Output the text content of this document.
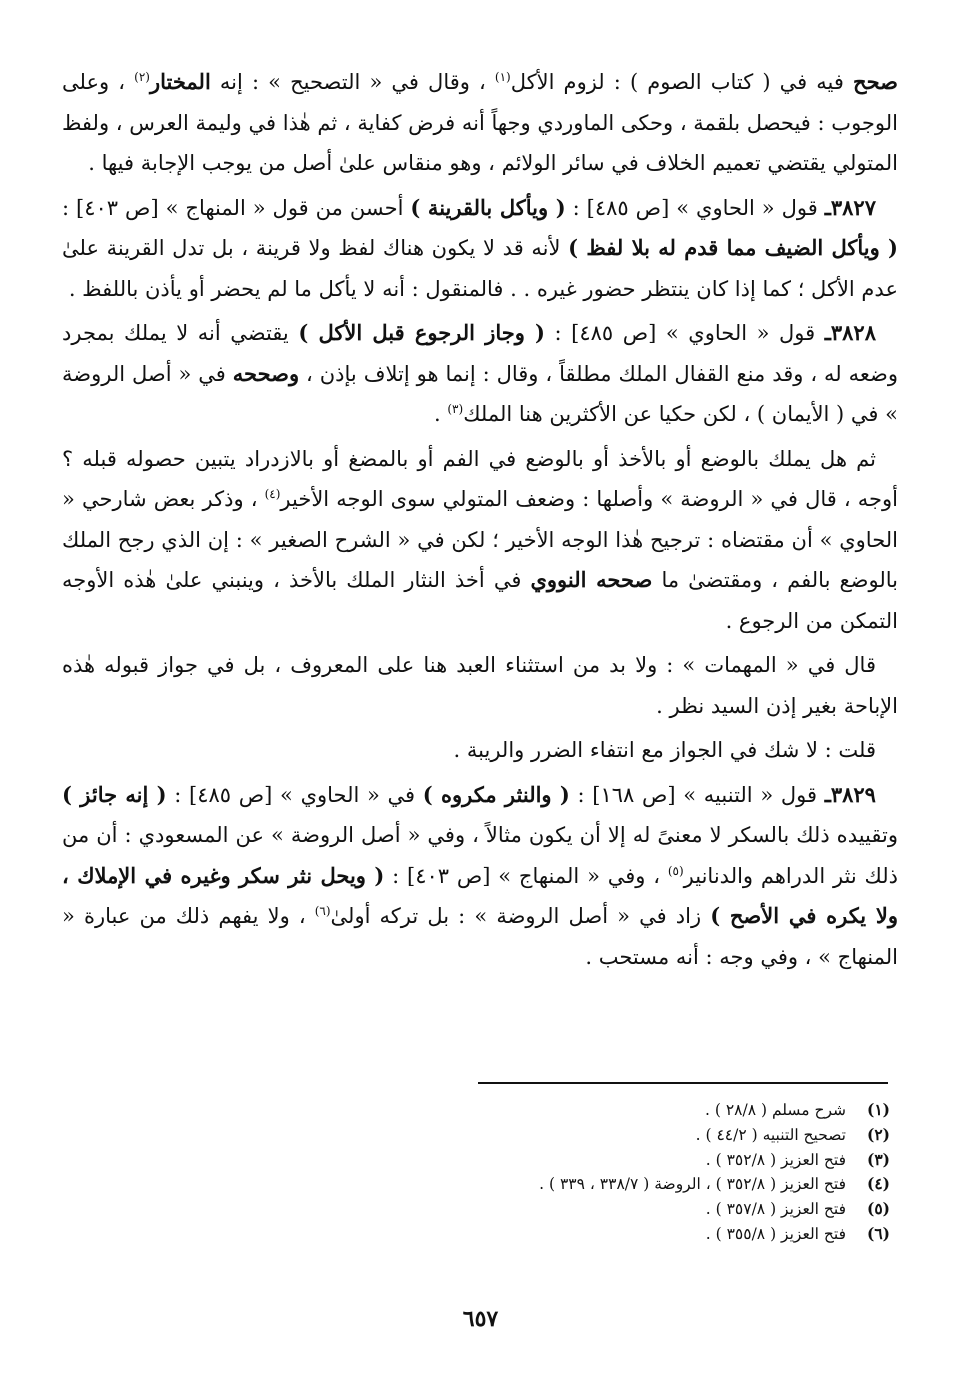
صحح فيه في ( كتاب الصوم ) : لزوم الأكل$^{(١)}$ ، وقال في « التصحيح » : إنه المختار$^{(٢)}$ ، وعلى الوجوب : فيحصل بلقمة ، وحكى الماوردي وجهاً أنه فرض كفاية ، ثم هٰذا في وليمة العرس ، ولفظ المتولي يقتضي تعميم الخلاف في سائر الولائم ، وهو منقاس علىٰ أصل من يوجب الإجابة فيها .

٣٨٢٧ـ قول « الحاوي » [ص ٤٨٥] : ( ويأكل بالقرينة ) أحسن من قول « المنهاج » [ص ٤٠٣] : ( ويأكل الضيف مما قدم له بلا لفظ ) لأنه قد لا يكون هناك لفظ ولا قرينة ، بل تدل القرينة علىٰ عدم الأكل ؛ كما إذا كان ينتظر حضور غيره . . فالمنقول : أنه لا يأكل ما لم يحضر أو يأذن باللفظ .

٣٨٢٨ـ قول « الحاوي » [ص ٤٨٥] : ( وجاز الرجوع قبل الأكل ) يقتضي أنه لا يملك بمجرد وضعه له ، وقد منع القفال الملك مطلقاً ، وقال : إنما هو إتلاف بإذن ، وصححه في « أصل الروضة » في ( الأيمان ) ، لكن حكيا عن الأكثرين هنا الملك$^{(٣)}$ .

ثم هل يملك بالوضع أو بالأخذ أو بالوضع في الفم أو بالمضغ أو بالازدراد يتبين حصوله قبله ؟ أوجه ، قال في « الروضة » وأصلها : وضعف المتولي سوى الوجه الأخير$^{(٤)}$ ، وذكر بعض شارحي « الحاوي » أن مقتضاه : ترجيح هٰذا الوجه الأخير ؛ لكن في « الشرح الصغير » : إن الذي رجح الملك بالوضع بالفم ، ومقتضىٰ ما صححه النووي في أخذ النثار الملك بالأخذ ، وينبني علىٰ هٰذه الأوجه التمكن من الرجوع .

قال في « المهمات » : ولا بد من استثناء العبد هنا على المعروف ، بل في جواز قبوله هٰذه الإباحة بغير إذن السيد نظر .

قلت : لا شك في الجواز مع انتفاء الضرر والريبة .

٣٨٢٩ـ قول « التنبيه » [ص ١٦٨] : ( والنثر مكروه ) في « الحاوي » [ص ٤٨٥] : ( إنه جائز ) وتقييده ذلك بالسكر لا معنىً له إلا أن يكون مثالاً ، وفي « أصل الروضة » عن المسعودي : أن من ذلك نثر الدراهم والدنانير$^{(٥)}$ ، وفي « المنهاج » [ص ٤٠٣] : ( ويحل نثر سكر وغيره في الإملاك ، ولا يكره في الأصح ) زاد في « أصل الروضة » : بل تركه أولىٰ$^{(٦)}$ ، ولا يفهم ذلك من عبارة « المنهاج » ، وفي وجه : أنه مستحب .

(١)شرح مسلم ( ٢٨/٨ ) .
(٢)تصحيح التنبيه ( ٤٤/٢ ) .
(٣)فتح العزيز ( ٣٥٢/٨ ) .
(٤)فتح العزيز ( ٣٥٢/٨ ) ، الروضة ( ٣٣٨/٧ ، ٣٣٩ ) .
(٥)فتح العزيز ( ٣٥٧/٨ ) .
(٦)فتح العزيز ( ٣٥٥/٨ ) .
٦٥٧
